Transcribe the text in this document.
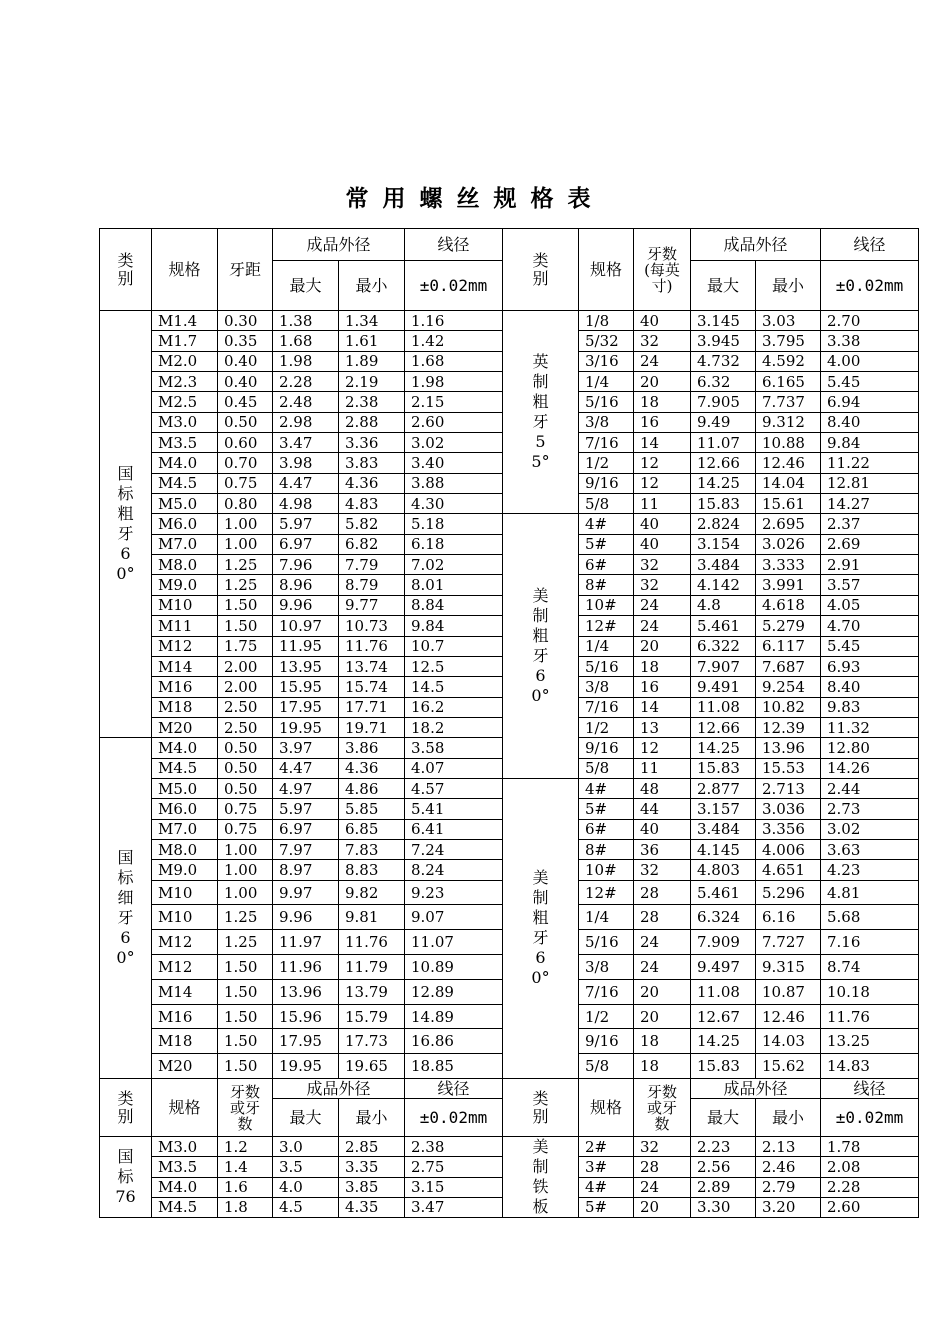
常用螺丝规格表
类别	规格	牙距	成品外径		线径	类别	规格	牙数(每英寸)	成品外径		线径
			最大	最小	±0.02mm				最大	最小	±0.02mm
国标粗牙60°	M1.4	0.30	1.38	1.34	1.16	英制粗牙55°	1/8	40	3.145	3.03	2.70
	M1.7	0.35	1.68	1.61	1.42		5/32	32	3.945	3.795	3.38
	M2.0	0.40	1.98	1.89	1.68		3/16	24	4.732	4.592	4.00
	M2.3	0.40	2.28	2.19	1.98		1/4	20	6.32	6.165	5.45
	M2.5	0.45	2.48	2.38	2.15		5/16	18	7.905	7.737	6.94
	M3.0	0.50	2.98	2.88	2.60		3/8	16	9.49	9.312	8.40
	M3.5	0.60	3.47	3.36	3.02		7/16	14	11.07	10.88	9.84
	M4.0	0.70	3.98	3.83	3.40		1/2	12	12.66	12.46	11.22
	M4.5	0.75	4.47	4.36	3.88		9/16	12	14.25	14.04	12.81
	M5.0	0.80	4.98	4.83	4.30		5/8	11	15.83	15.61	14.27
	M6.0	1.00	5.97	5.82	5.18	美制粗牙60°	4#	40	2.824	2.695	2.37
	M7.0	1.00	6.97	6.82	6.18		5#	40	3.154	3.026	2.69
	M8.0	1.25	7.96	7.79	7.02		6#	32	3.484	3.333	2.91
	M9.0	1.25	8.96	8.79	8.01		8#	32	4.142	3.991	3.57
	M10	1.50	9.96	9.77	8.84		10#	24	4.8	4.618	4.05
	M11	1.50	10.97	10.73	9.84		12#	24	5.461	5.279	4.70
	M12	1.75	11.95	11.76	10.7		1/4	20	6.322	6.117	5.45
	M14	2.00	13.95	13.74	12.5		5/16	18	7.907	7.687	6.93
	M16	2.00	15.95	15.74	14.5		3/8	16	9.491	9.254	8.40
	M18	2.50	17.95	17.71	16.2		7/16	14	11.08	10.82	9.83
	M20	2.50	19.95	19.71	18.2		1/2	13	12.66	12.39	11.32
国标细牙60°	M4.0	0.50	3.97	3.86	3.58		9/16	12	14.25	13.96	12.80
	M4.5	0.50	4.47	4.36	4.07		5/8	11	15.83	15.53	14.26
	M5.0	0.50	4.97	4.86	4.57	美制粗牙60°	4#	48	2.877	2.713	2.44
	M6.0	0.75	5.97	5.85	5.41		5#	44	3.157	3.036	2.73
	M7.0	0.75	6.97	6.85	6.41		6#	40	3.484	3.356	3.02
	M8.0	1.00	7.97	7.83	7.24		8#	36	4.145	4.006	3.63
	M9.0	1.00	8.97	8.83	8.24		10#	32	4.803	4.651	4.23
	M10	1.00	9.97	9.82	9.23		12#	28	5.461	5.296	4.81
	M10	1.25	9.96	9.81	9.07		1/4	28	6.324	6.16	5.68
	M12	1.25	11.97	11.76	11.07		5/16	24	7.909	7.727	7.16
	M12	1.50	11.96	11.79	10.89		3/8	24	9.497	9.315	8.74
	M14	1.50	13.96	13.79	12.89		7/16	20	11.08	10.87	10.18
	M16	1.50	15.96	15.79	14.89		1/2	20	12.67	12.46	11.76
	M18	1.50	17.95	17.73	16.86		9/16	18	14.25	14.03	13.25
	M20	1.50	19.95	19.65	18.85		5/8	18	15.83	15.62	14.83
类别	规格	牙数或牙数	成品外径		线径	类别	规格	牙数或牙数	成品外径		线径
			最大	最小	±0.02mm				最大	最小	±0.02mm
国标76	M3.0	1.2	3.0	2.85	2.38	美制铁板	2#	32	2.23	2.13	1.78
	M3.5	1.4	3.5	3.35	2.75		3#	28	2.56	2.46	2.08
	M4.0	1.6	4.0	3.85	3.15		4#	24	2.89	2.79	2.28
	M4.5	1.8	4.5	4.35	3.47		5#	20	3.30	3.20	2.60
